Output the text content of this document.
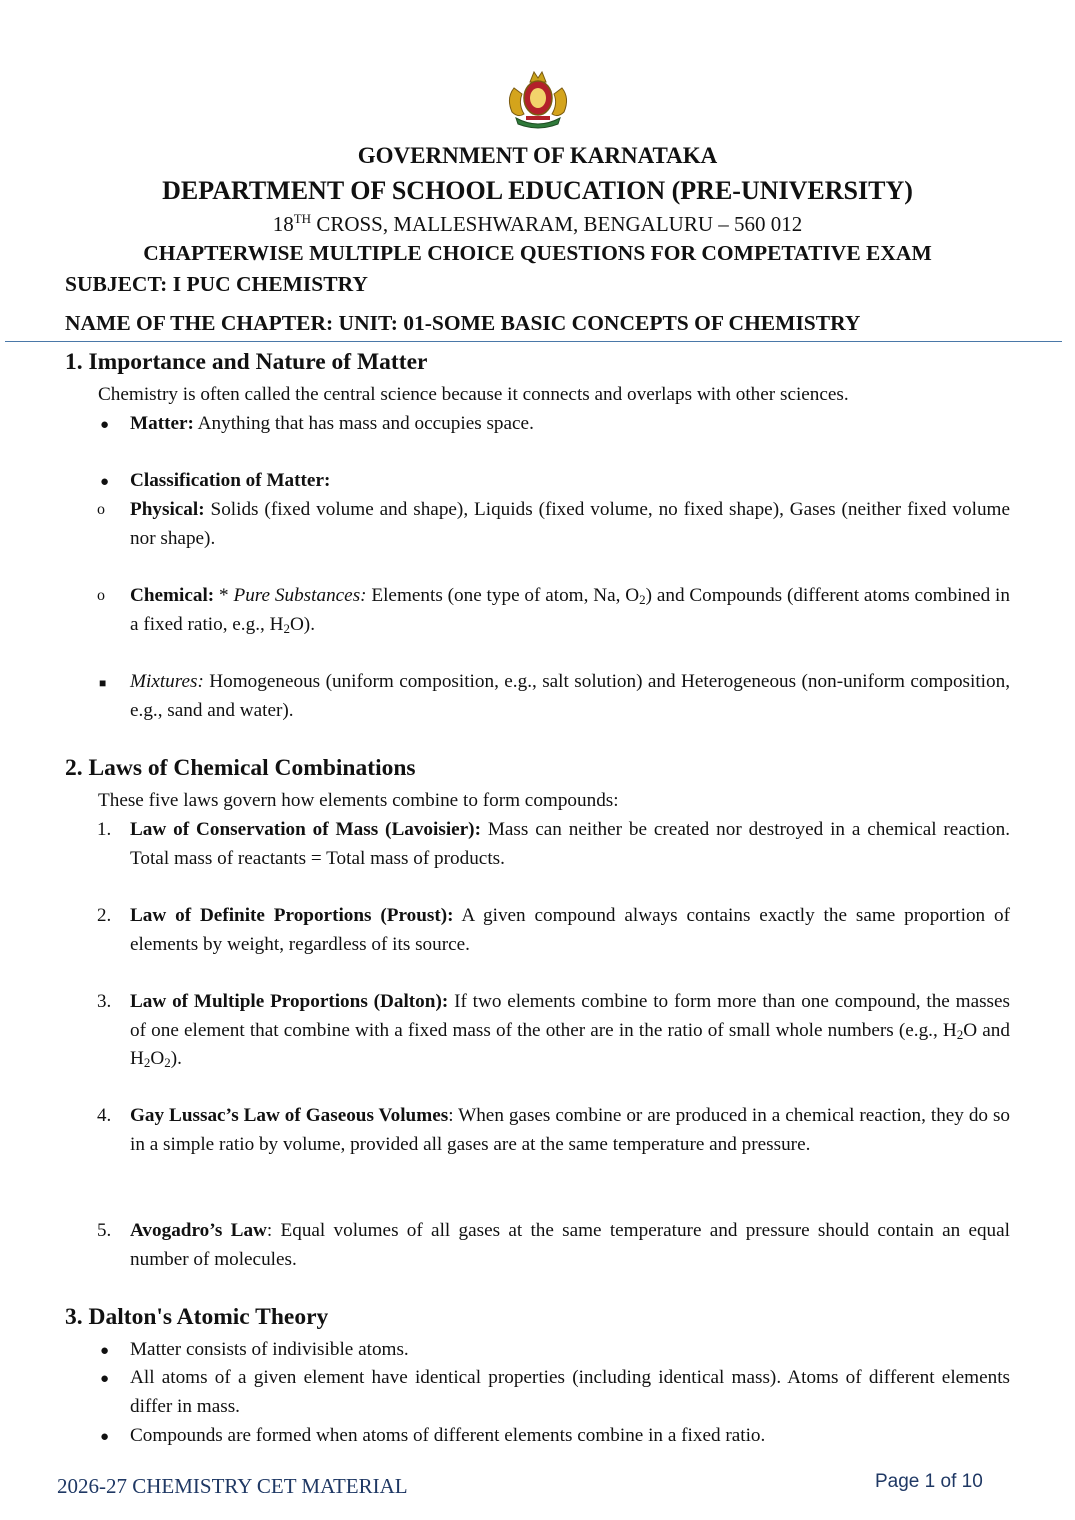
GOVERNMENT OF KARNATAKA
DEPARTMENT OF SCHOOL EDUCATION (PRE-UNIVERSITY)
18TH CROSS, MALLESHWARAM, BENGALURU – 560 012
CHAPTERWISE MULTIPLE CHOICE QUESTIONS FOR COMPETATIVE EXAM
SUBJECT: I PUC CHEMISTRY
NAME OF THE CHAPTER: UNIT: 01-SOME BASIC CONCEPTS OF CHEMISTRY
1. Importance and Nature of Matter
Chemistry is often called the central science because it connects and overlaps with other sciences.
● Matter: Anything that has mass and occupies space.
● Classification of Matter:
o Physical: Solids (fixed volume and shape), Liquids (fixed volume, no fixed shape), Gases (neither fixed volume nor shape).
o Chemical: * Pure Substances: Elements (one type of atom, Na, $O_2$) and Compounds (different atoms combined in a fixed ratio, e.g., $H_2O$).
■ Mixtures: Homogeneous (uniform composition, e.g., salt solution) and Heterogeneous (non-uniform composition, e.g., sand and water).
2. Laws of Chemical Combinations
These five laws govern how elements combine to form compounds:
1. Law of Conservation of Mass (Lavoisier): Mass can neither be created nor destroyed in a chemical reaction. Total mass of reactants = Total mass of products.
2. Law of Definite Proportions (Proust): A given compound always contains exactly the same proportion of elements by weight, regardless of its source.
3. Law of Multiple Proportions (Dalton): If two elements combine to form more than one compound, the masses of one element that combine with a fixed mass of the other are in the ratio of small whole numbers (e.g., $H_2O$ and $H_2O_2$).
4. Gay Lussac’s Law of Gaseous Volumes: When gases combine or are produced in a chemical reaction, they do so in a simple ratio by volume, provided all gases are at the same temperature and pressure.
5. Avogadro’s Law: Equal volumes of all gases at the same temperature and pressure should contain an equal number of molecules.
3. Dalton's Atomic Theory
● Matter consists of indivisible atoms.
● All atoms of a given element have identical properties (including identical mass). Atoms of different elements differ in mass.
● Compounds are formed when atoms of different elements combine in a fixed ratio.
2026-27 CHEMISTRY CET MATERIAL	Page 1 of 10
